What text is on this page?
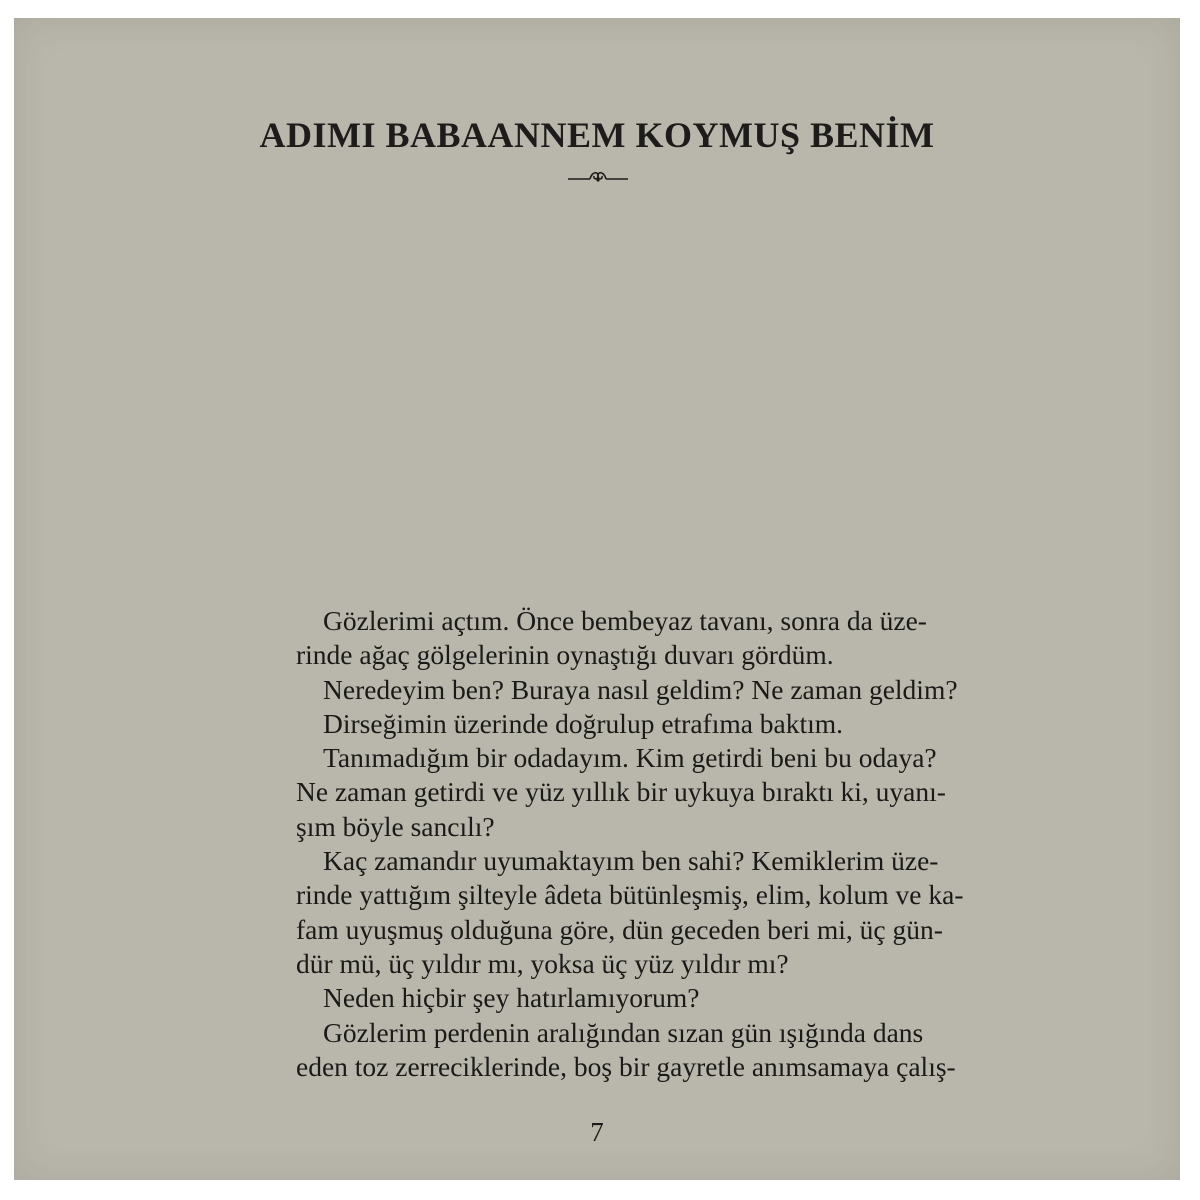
ADIMI BABAANNEM KOYMUŞ BENİM
Gözlerimi açtım. Önce bembeyaz tavanı, sonra da üze-
rinde ağaç gölgelerinin oynaştığı duvarı gördüm.
Neredeyim ben? Buraya nasıl geldim? Ne zaman geldim?
Dirseğimin üzerinde doğrulup etrafıma baktım.
Tanımadığım bir odadayım. Kim getirdi beni bu odaya?
Ne zaman getirdi ve yüz yıllık bir uykuya bıraktı ki, uyanı-
şım böyle sancılı?
Kaç zamandır uyumaktayım ben sahi? Kemiklerim üze-
rinde yattığım şilteyle âdeta bütünleşmiş, elim, kolum ve ka-
fam uyuşmuş olduğuna göre, dün geceden beri mi, üç gün-
dür mü, üç yıldır mı, yoksa üç yüz yıldır mı?
Neden hiçbir şey hatırlamıyorum?
Gözlerim perdenin aralığından sızan gün ışığında dans
eden toz zerreciklerinde, boş bir gayretle anımsamaya çalış-
7
